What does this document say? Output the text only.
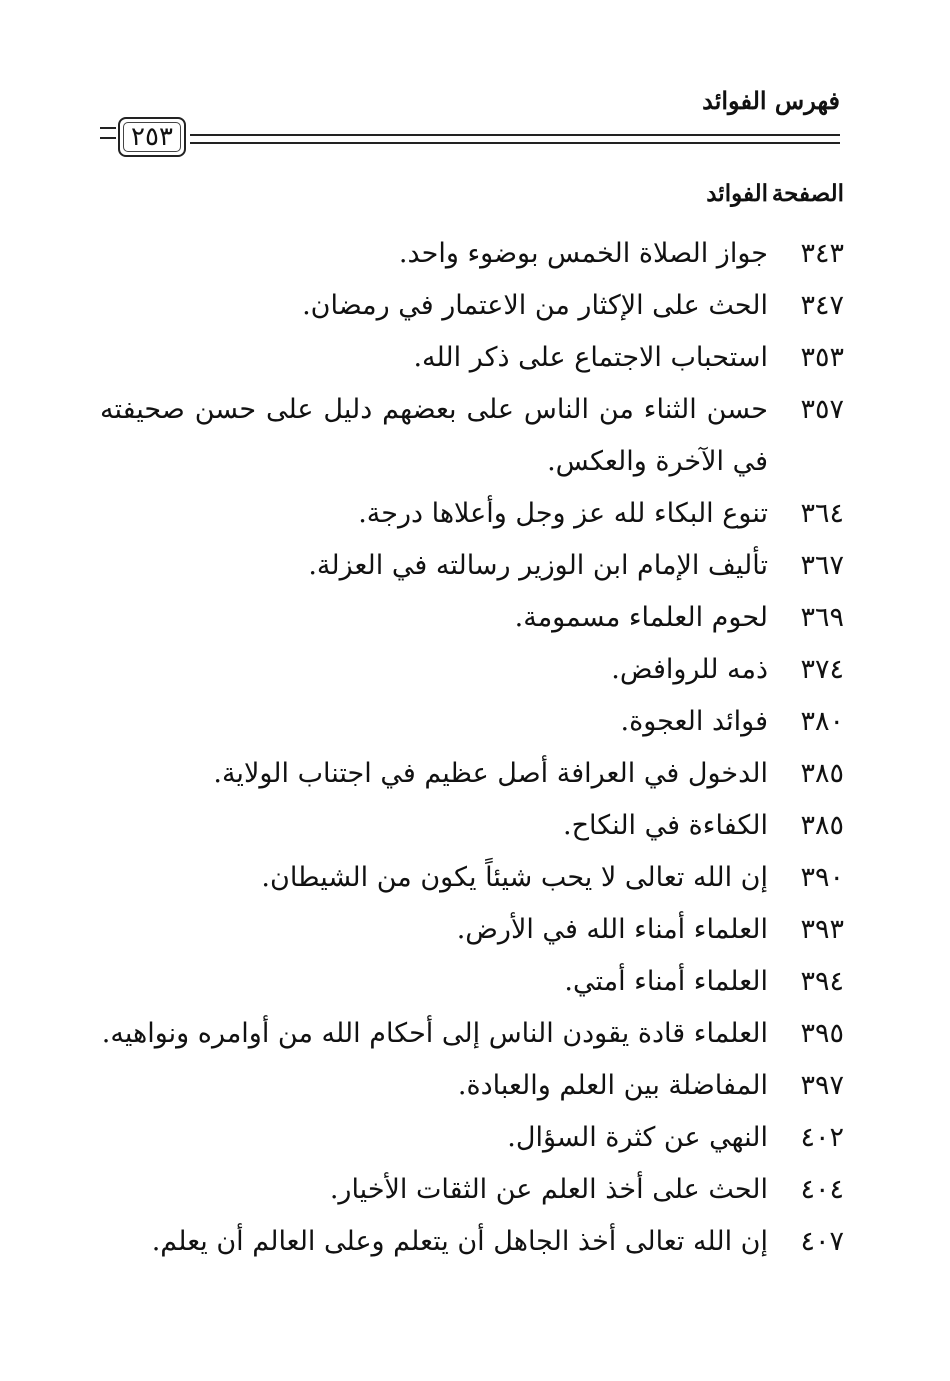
فهرس الفوائد
٢٥٣
الصفحة
الفوائد
٣٤٣
جواز الصلاة الخمس بوضوء واحد.
٣٤٧
الحث على الإكثار من الاعتمار في رمضان.
٣٥٣
استحباب الاجتماع على ذكر الله.
٣٥٧
حسن الثناء من الناس على بعضهم دليل على حسن صحيفته في الآخرة والعكس.
٣٦٤
تنوع البكاء لله عز وجل وأعلاها درجة.
٣٦٧
تأليف الإمام ابن الوزير رسالته في العزلة.
٣٦٩
لحوم العلماء مسمومة.
٣٧٤
ذمه للروافض.
٣٨٠
فوائد العجوة.
٣٨٥
الدخول في العرافة أصل عظيم في اجتناب الولاية.
٣٨٥
الكفاءة في النكاح.
٣٩٠
إن الله تعالى لا يحب شيئاً يكون من الشيطان.
٣٩٣
العلماء أمناء الله في الأرض.
٣٩٤
العلماء أمناء أمتي.
٣٩٥
العلماء قادة يقودن الناس إلى أحكام الله من أوامره ونواهيه.
٣٩٧
المفاضلة بين العلم والعبادة.
٤٠٢
النهي عن كثرة السؤال.
٤٠٤
الحث على أخذ العلم عن الثقات الأخيار.
٤٠٧
إن الله تعالى أخذ الجاهل أن يتعلم وعلى العالم أن يعلم.
